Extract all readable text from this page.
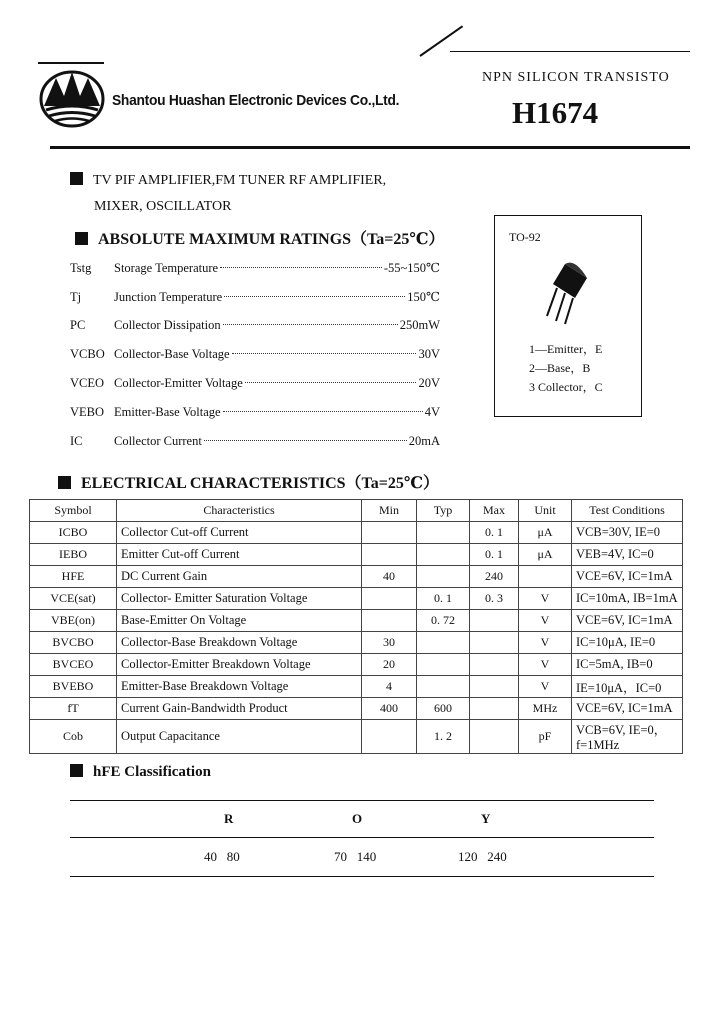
Shantou Huashan Electronic Devices Co.,Ltd.
NPN SILICON TRANSISTO
H1674
TV PIF AMPLIFIER,FM TUNER RF AMPLIFIER,
MIXER, OSCILLATOR
ABSOLUTE MAXIMUM RATINGS（Ta=25℃）
Tstg	Storage Temperature	-55~150℃
Tj	Junction Temperature	150℃
PC	Collector Dissipation	250mW
VCBO Collector-Base Voltage	30V
VCEO Collector-Emitter Voltage	20V
VEBO Emitter-Base Voltage	4V
IC	Collector Current	20mA
TO-92
1—Emitter，E
2—Base，B
3 Collector，C
ELECTRICAL CHARACTERISTICS（Ta=25℃）
Symbol	Characteristics	Min	Typ	Max	Unit	Test Conditions
ICBO	Collector Cut-off Current			0. 1	μA	VCB=30V, IE=0
IEBO	Emitter Cut-off Current			0. 1	μA	VEB=4V, IC=0
HFE	DC Current Gain	40		240		VCE=6V, IC=1mA
VCE(sat)	Collector- Emitter Saturation Voltage		0. 1	0. 3	V	IC=10mA, IB=1mA
VBE(on)	Base-Emitter On Voltage		0. 72		V	VCE=6V, IC=1mA
BVCBO	Collector-Base Breakdown Voltage	30			V	IC=10μA, IE=0
BVCEO	Collector-Emitter Breakdown Voltage	20			V	IC=5mA, IB=0
BVEBO	Emitter-Base Breakdown Voltage	4			V	IE=10μA，IC=0
fT	Current Gain-Bandwidth Product	400	600		MHz	VCE=6V, IC=1mA
Cob	Output Capacitance		1. 2		pF	VCB=6V, IE=0， f=1MHz
hFE Classification
R	O	Y
40   80	70   140	120   240
